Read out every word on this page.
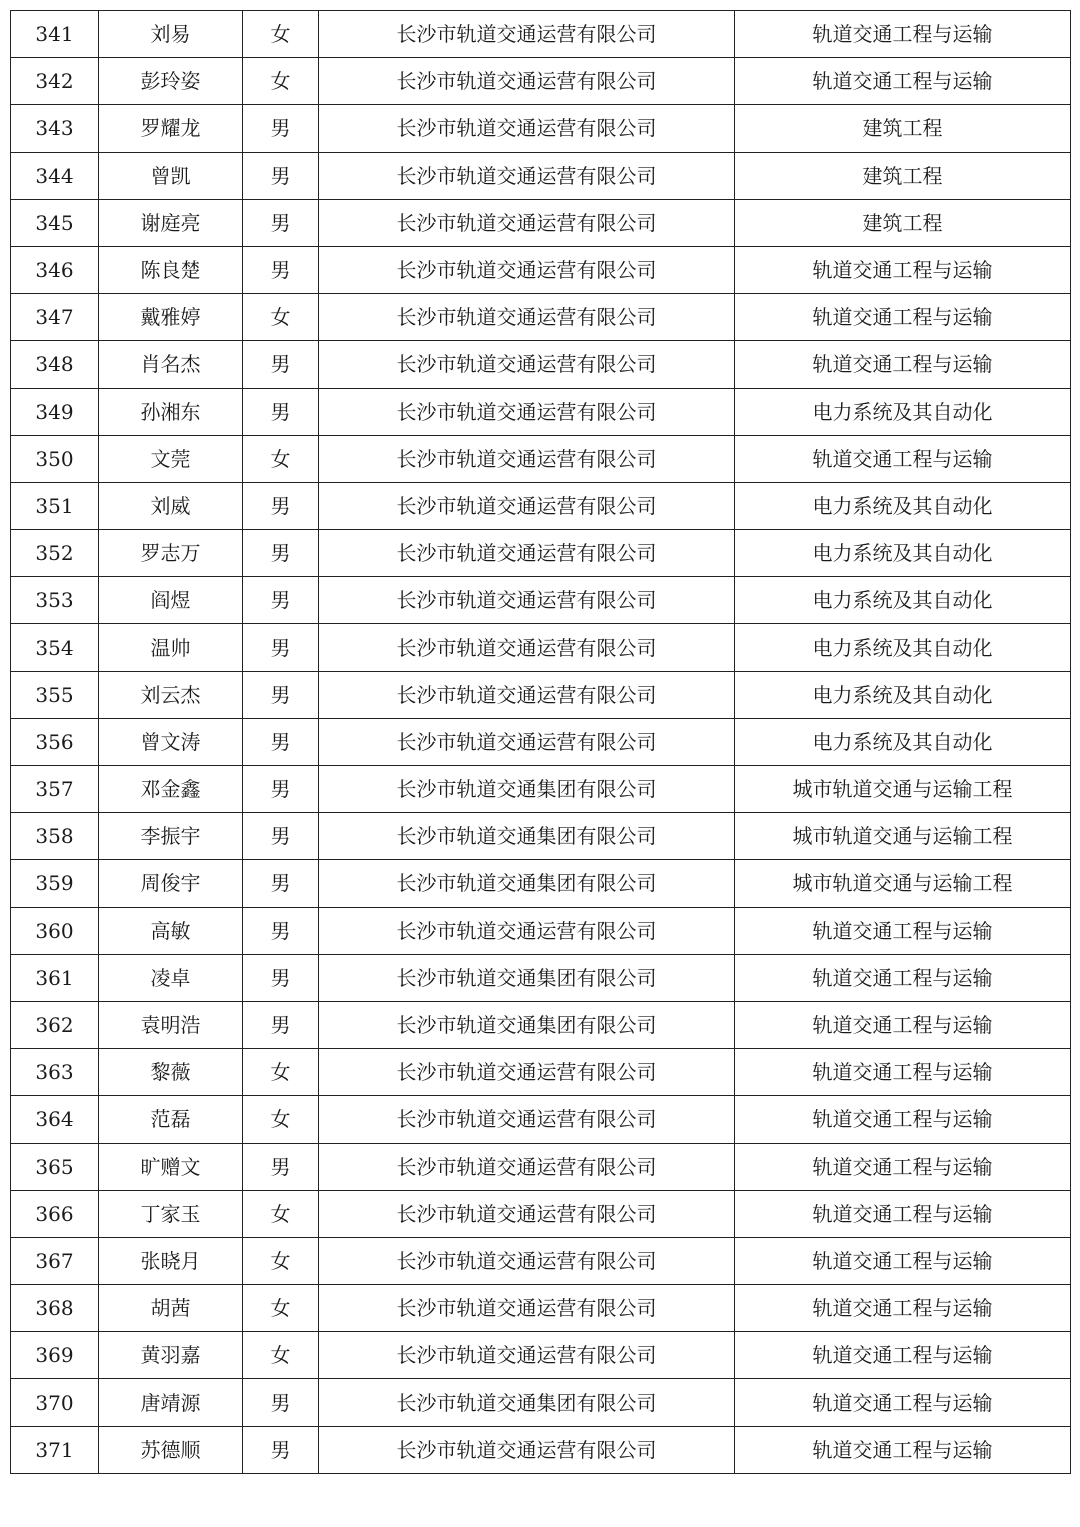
341	刘易	女	长沙市轨道交通运营有限公司	轨道交通工程与运输
342	彭玲姿	女	长沙市轨道交通运营有限公司	轨道交通工程与运输
343	罗耀龙	男	长沙市轨道交通运营有限公司	建筑工程
344	曾凯	男	长沙市轨道交通运营有限公司	建筑工程
345	谢庭亮	男	长沙市轨道交通运营有限公司	建筑工程
346	陈良楚	男	长沙市轨道交通运营有限公司	轨道交通工程与运输
347	戴雅婷	女	长沙市轨道交通运营有限公司	轨道交通工程与运输
348	肖名杰	男	长沙市轨道交通运营有限公司	轨道交通工程与运输
349	孙湘东	男	长沙市轨道交通运营有限公司	电力系统及其自动化
350	文莞	女	长沙市轨道交通运营有限公司	轨道交通工程与运输
351	刘威	男	长沙市轨道交通运营有限公司	电力系统及其自动化
352	罗志万	男	长沙市轨道交通运营有限公司	电力系统及其自动化
353	阎煜	男	长沙市轨道交通运营有限公司	电力系统及其自动化
354	温帅	男	长沙市轨道交通运营有限公司	电力系统及其自动化
355	刘云杰	男	长沙市轨道交通运营有限公司	电力系统及其自动化
356	曾文涛	男	长沙市轨道交通运营有限公司	电力系统及其自动化
357	邓金鑫	男	长沙市轨道交通集团有限公司	城市轨道交通与运输工程
358	李振宇	男	长沙市轨道交通集团有限公司	城市轨道交通与运输工程
359	周俊宇	男	长沙市轨道交通集团有限公司	城市轨道交通与运输工程
360	高敏	男	长沙市轨道交通运营有限公司	轨道交通工程与运输
361	凌卓	男	长沙市轨道交通集团有限公司	轨道交通工程与运输
362	袁明浩	男	长沙市轨道交通集团有限公司	轨道交通工程与运输
363	黎薇	女	长沙市轨道交通运营有限公司	轨道交通工程与运输
364	范磊	女	长沙市轨道交通运营有限公司	轨道交通工程与运输
365	旷赠文	男	长沙市轨道交通运营有限公司	轨道交通工程与运输
366	丁家玉	女	长沙市轨道交通运营有限公司	轨道交通工程与运输
367	张晓月	女	长沙市轨道交通运营有限公司	轨道交通工程与运输
368	胡茜	女	长沙市轨道交通运营有限公司	轨道交通工程与运输
369	黄羽嘉	女	长沙市轨道交通运营有限公司	轨道交通工程与运输
370	唐靖源	男	长沙市轨道交通集团有限公司	轨道交通工程与运输
371	苏德顺	男	长沙市轨道交通运营有限公司	轨道交通工程与运输
